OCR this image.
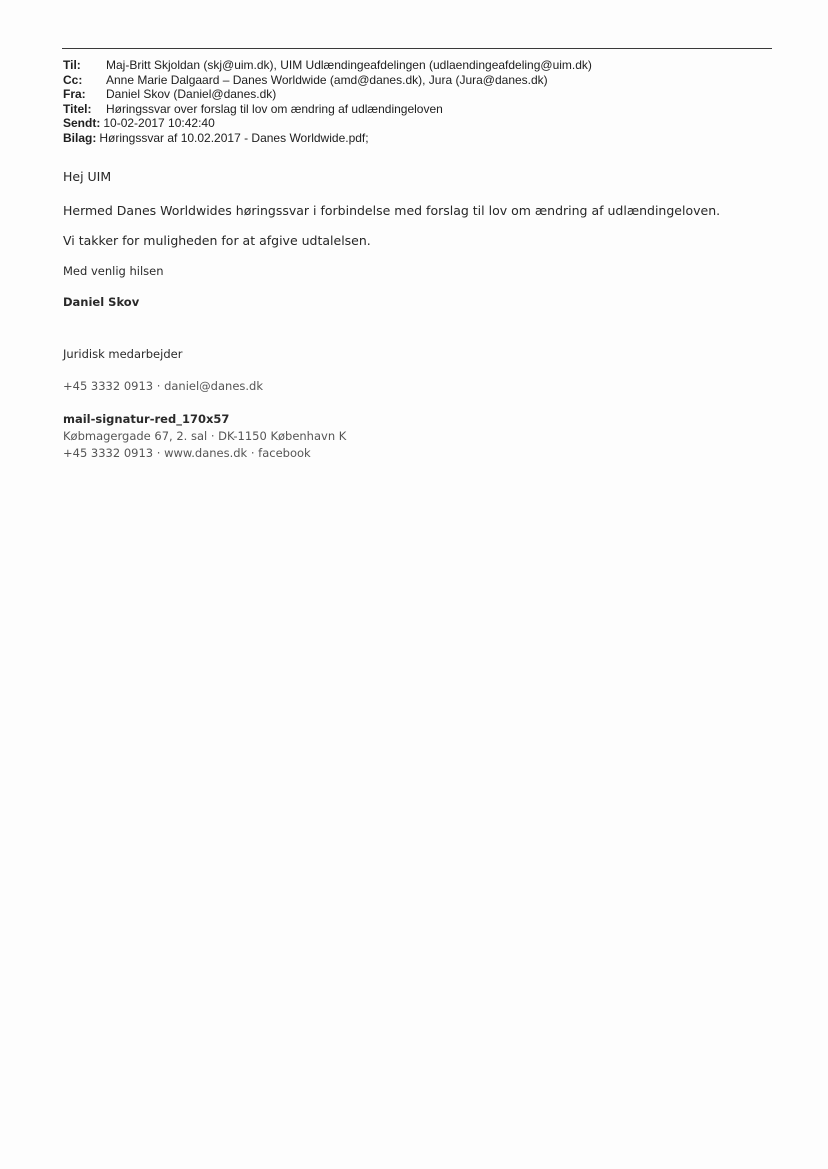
Til:	Maj-Britt Skjoldan (skj@uim.dk), UIM Udlændingeafdelingen (udlaendingeafdeling@uim.dk)
Cc:	Anne Marie Dalgaard – Danes Worldwide (amd@danes.dk), Jura (Jura@danes.dk)
Fra:	Daniel Skov (Daniel@danes.dk)
Titel:	Høringssvar over forslag til lov om ændring af udlændingeloven
Sendt: 10-02-2017 10:42:40
Bilag: Høringssvar af 10.02.2017 - Danes Worldwide.pdf;
Hej UIM
Hermed Danes Worldwides høringssvar i forbindelse med forslag til lov om ændring af udlændingeloven.
Vi takker for muligheden for at afgive udtalelsen.
Med venlig hilsen
Daniel Skov
Juridisk medarbejder
+45 3332 0913 · daniel@danes.dk
mail-signatur-red_170x57
Købmagergade 67, 2. sal · DK-1150 København K
+45 3332 0913 · www.danes.dk · facebook
